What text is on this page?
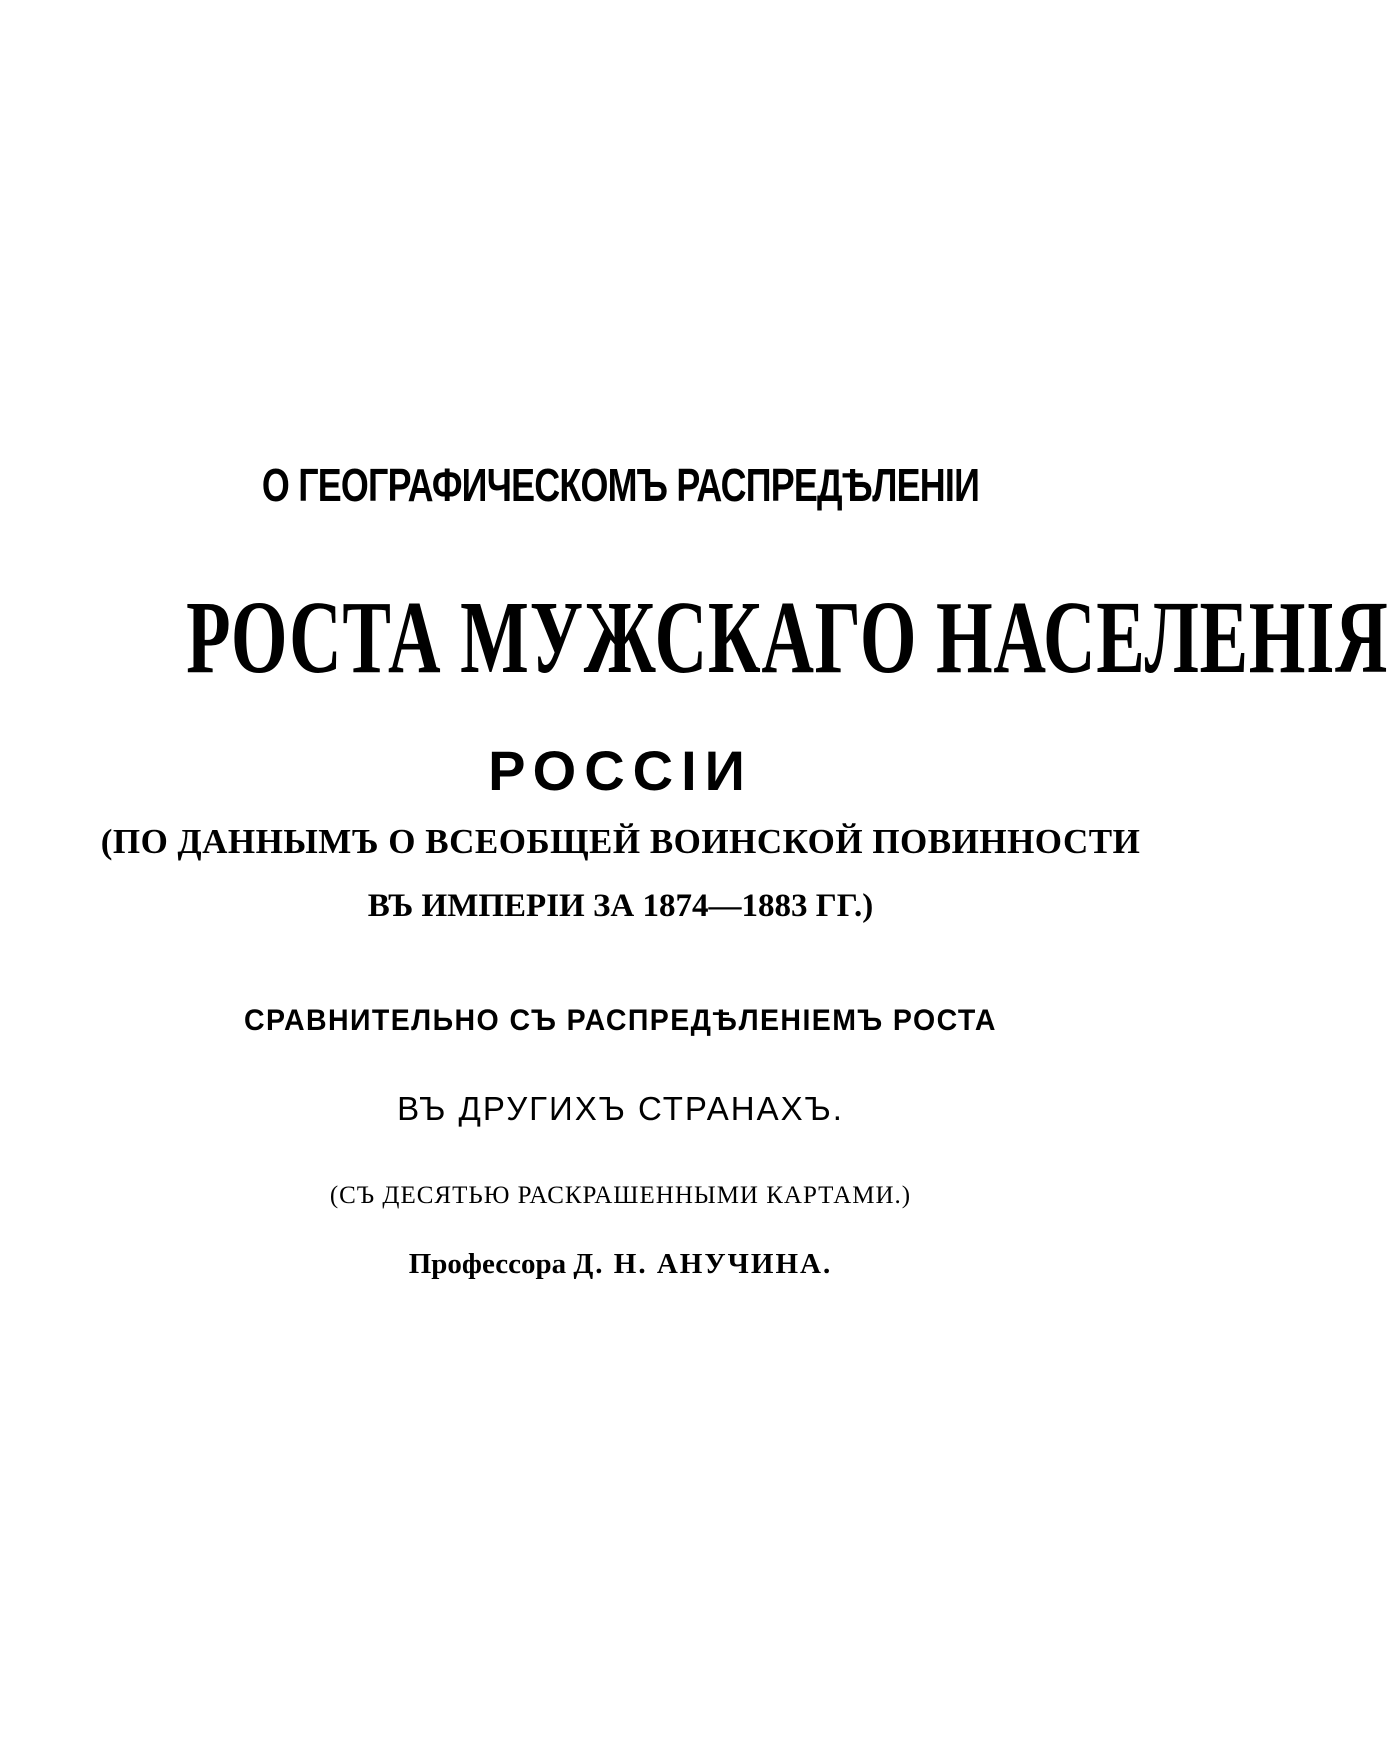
О ГЕОГРАФИЧЕСКОМЪ РАСПРЕДѢЛЕНІИ
РОСТА МУЖСКАГО НАСЕЛЕНІЯ
РОССІИ
(ПО ДАННЫМЪ О ВСЕОБЩЕЙ ВОИНСКОЙ ПОВИННОСТИ
ВЪ ИМПЕРІИ ЗА 1874—1883 ГГ.)
СРАВНИТЕЛЬНО СЪ РАСПРЕДѢЛЕНІЕМЪ РОСТА
ВЪ ДРУГИХЪ СТРАНАХЪ.
(СЪ ДЕСЯТЬЮ РАСКРАШЕННЫМИ КАРТАМИ.)
Профессора Д. Н. АНУЧИНА.
